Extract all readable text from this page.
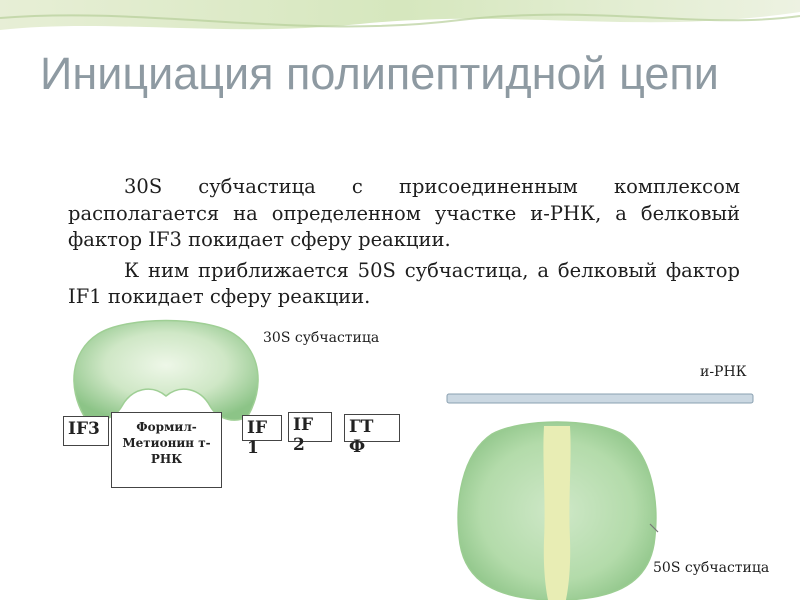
Инициация полипептидной цепи

30S субчастица с присоединенным комплексом располагается на определенном участке и-РНК, а белковый фактор IF3 покидает сферу реакции.

К ним приближается 50S субчастица, а белковый фактор IF1 покидает сферу реакции.

30S субчастица
и-РНК
50S субчастица
IF3	Формил-Метионин т-РНК
IF 1
IF 2
ГТ Ф
